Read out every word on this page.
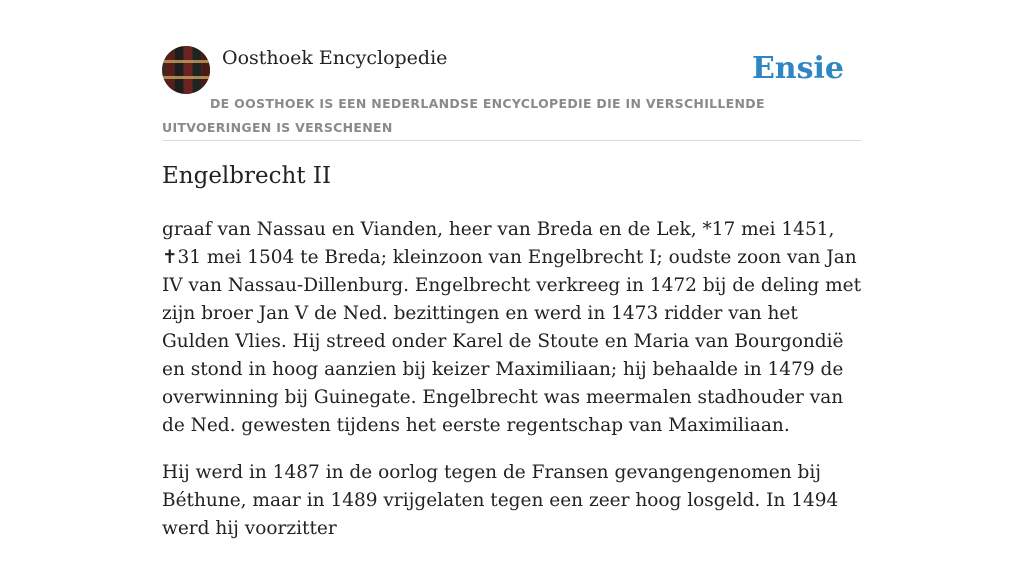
Oosthoek Encyclopedie	Ensie
DE OOSTHOEK IS EEN NEDERLANDSE ENCYCLOPEDIE DIE IN VERSCHILLENDE UITVOERINGEN IS VERSCHENEN
Engelbrecht II

graaf van Nassau en Vianden, heer van Breda en de Lek, *17 mei 1451, ✝31 mei 1504 te Breda; kleinzoon van Engelbrecht I; oudste zoon van Jan IV van Nassau-Dillenburg. Engelbrecht verkreeg in 1472 bij de deling met zijn broer Jan V de Ned. bezittingen en werd in 1473 ridder van het Gulden Vlies. Hij streed onder Karel de Stoute en Maria van Bourgondië en stond in hoog aanzien bij keizer Maximiliaan; hij behaalde in 1479 de overwinning bij Guinegate. Engelbrecht was meermalen stadhouder van de Ned. gewesten tijdens het eerste regentschap van Maximiliaan.

Hij werd in 1487 in de oorlog tegen de Fransen gevangengenomen bij Béthune, maar in 1489 vrijgelaten tegen een zeer hoog losgeld. In 1494 werd hij voorzitter
